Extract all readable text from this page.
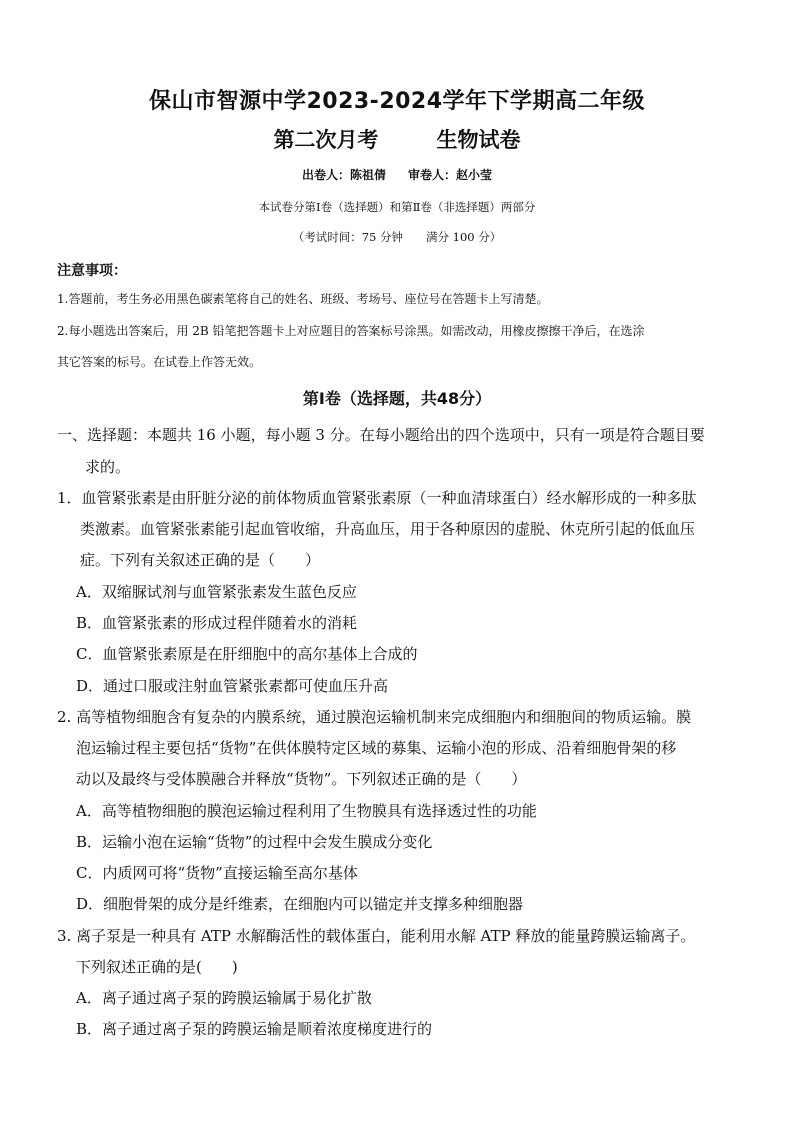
保山市智源中学2023-2024学年下学期高二年级
第二次月考	生物试卷
出卷人：陈祖倩 审卷人：赵小莹
本试卷分第Ⅰ卷（选择题）和第Ⅱ卷（非选择题）两部分
（考试时间：75 分钟　　满分 100 分）
注意事项：
1.答题前，考生务必用黑色碳素笔将自己的姓名、班级、考场号、座位号在答题卡上写清楚。
2.每小题选出答案后，用 2B 铅笔把答题卡上对应题目的答案标号涂黑。如需改动，用橡皮擦擦干净后，在选涂
其它答案的标号。在试卷上作答无效。
第Ⅰ卷（选择题，共48分）
一、选择题：本题共 16 小题，每小题 3 分。在每小题给出的四个选项中，只有一项是符合题目要
求的。
1．血管紧张素是由肝脏分泌的前体物质血管紧张素原（一种血清球蛋白）经水解形成的一种多肽
类激素。血管紧张素能引起血管收缩，升高血压，用于各种原因的虚脱、休克所引起的低血压
症。下列有关叙述正确的是（　　）
A．双缩脲试剂与血管紧张素发生蓝色反应
B．血管紧张素的形成过程伴随着水的消耗
C．血管紧张素原是在肝细胞中的高尔基体上合成的
D．通过口服或注射血管紧张素都可使血压升高
2. 高等植物细胞含有复杂的内膜系统，通过膜泡运输机制来完成细胞内和细胞间的物质运输。膜
泡运输过程主要包括“货物”在供体膜特定区域的募集、运输小泡的形成、沿着细胞骨架的移
动以及最终与受体膜融合并释放“货物”。下列叙述正确的是（　　）
A．高等植物细胞的膜泡运输过程利用了生物膜具有选择透过性的功能
B．运输小泡在运输“货物”的过程中会发生膜成分变化
C．内质网可将“货物”直接运输至高尔基体
D．细胞骨架的成分是纤维素，在细胞内可以锚定并支撑多种细胞器
3. 离子泵是一种具有 ATP 水解酶活性的载体蛋白，能利用水解 ATP 释放的能量跨膜运输离子。
下列叙述正确的是(　　)
A．离子通过离子泵的跨膜运输属于易化扩散
B．离子通过离子泵的跨膜运输是顺着浓度梯度进行的
